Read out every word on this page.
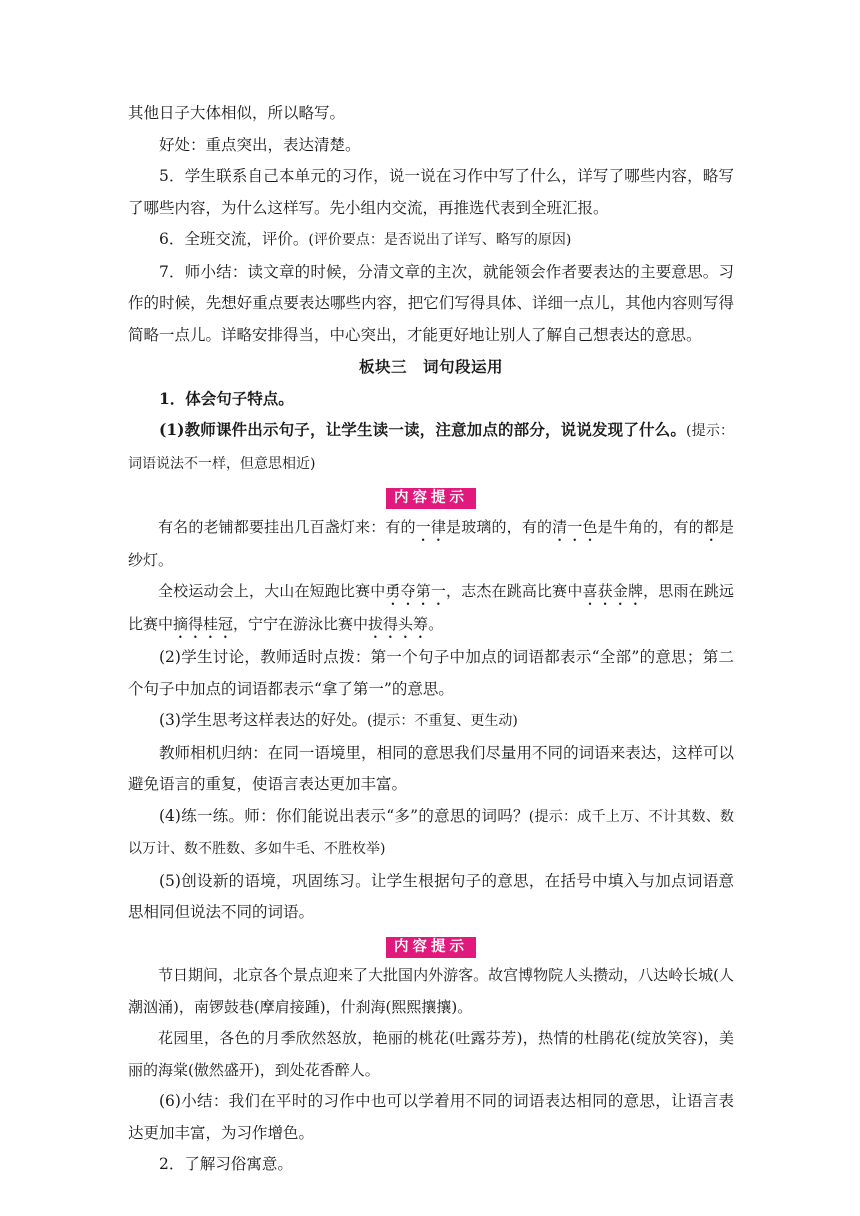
其他日子大体相似，所以略写。

好处：重点突出，表达清楚。

5．学生联系自己本单元的习作，说一说在习作中写了什么，详写了哪些内容，略写了哪些内容，为什么这样写。先小组内交流，再推选代表到全班汇报。

6．全班交流，评价。(评价要点：是否说出了详写、略写的原因)

7．师小结：读文章的时候，分清文章的主次，就能领会作者要表达的主要意思。习作的时候，先想好重点要表达哪些内容，把它们写得具体、详细一点儿，其他内容则写得简略一点儿。详略安排得当，中心突出，才能更好地让别人了解自己想表达的意思。

板块三　词句段运用

1．体会句子特点。

(1)教师课件出示句子，让学生读一读，注意加点的部分，说说发现了什么。(提示：词语说法不一样，但意思相近)

内容提示

有名的老铺都要挂出几百盏灯来：有的一律是玻璃的，有的清一色是牛角的，有的都是纱灯。

全校运动会上，大山在短跑比赛中勇夺第一，志杰在跳高比赛中喜获金牌，思雨在跳远比赛中摘得桂冠，宁宁在游泳比赛中拔得头筹。

(2)学生讨论，教师适时点拨：第一个句子中加点的词语都表示“全部”的意思；第二个句子中加点的词语都表示“拿了第一”的意思。

(3)学生思考这样表达的好处。(提示：不重复、更生动)

教师相机归纳：在同一语境里，相同的意思我们尽量用不同的词语来表达，这样可以避免语言的重复，使语言表达更加丰富。

(4)练一练。师：你们能说出表示“多”的意思的词吗？(提示：成千上万、不计其数、数以万计、数不胜数、多如牛毛、不胜枚举)

(5)创设新的语境，巩固练习。让学生根据句子的意思，在括号中填入与加点词语意思相同但说法不同的词语。

内容提示

节日期间，北京各个景点迎来了大批国内外游客。故宫博物院人头攒动，八达岭长城(人潮汹涌)，南锣鼓巷(摩肩接踵)，什刹海(熙熙攘攘)。

花园里，各色的月季欣然怒放，艳丽的桃花(吐露芬芳)，热情的杜鹃花(绽放笑容)，美丽的海棠(傲然盛开)，到处花香醉人。

(6)小结：我们在平时的习作中也可以学着用不同的词语表达相同的意思，让语言表达更加丰富，为习作增色。

2．了解习俗寓意。
